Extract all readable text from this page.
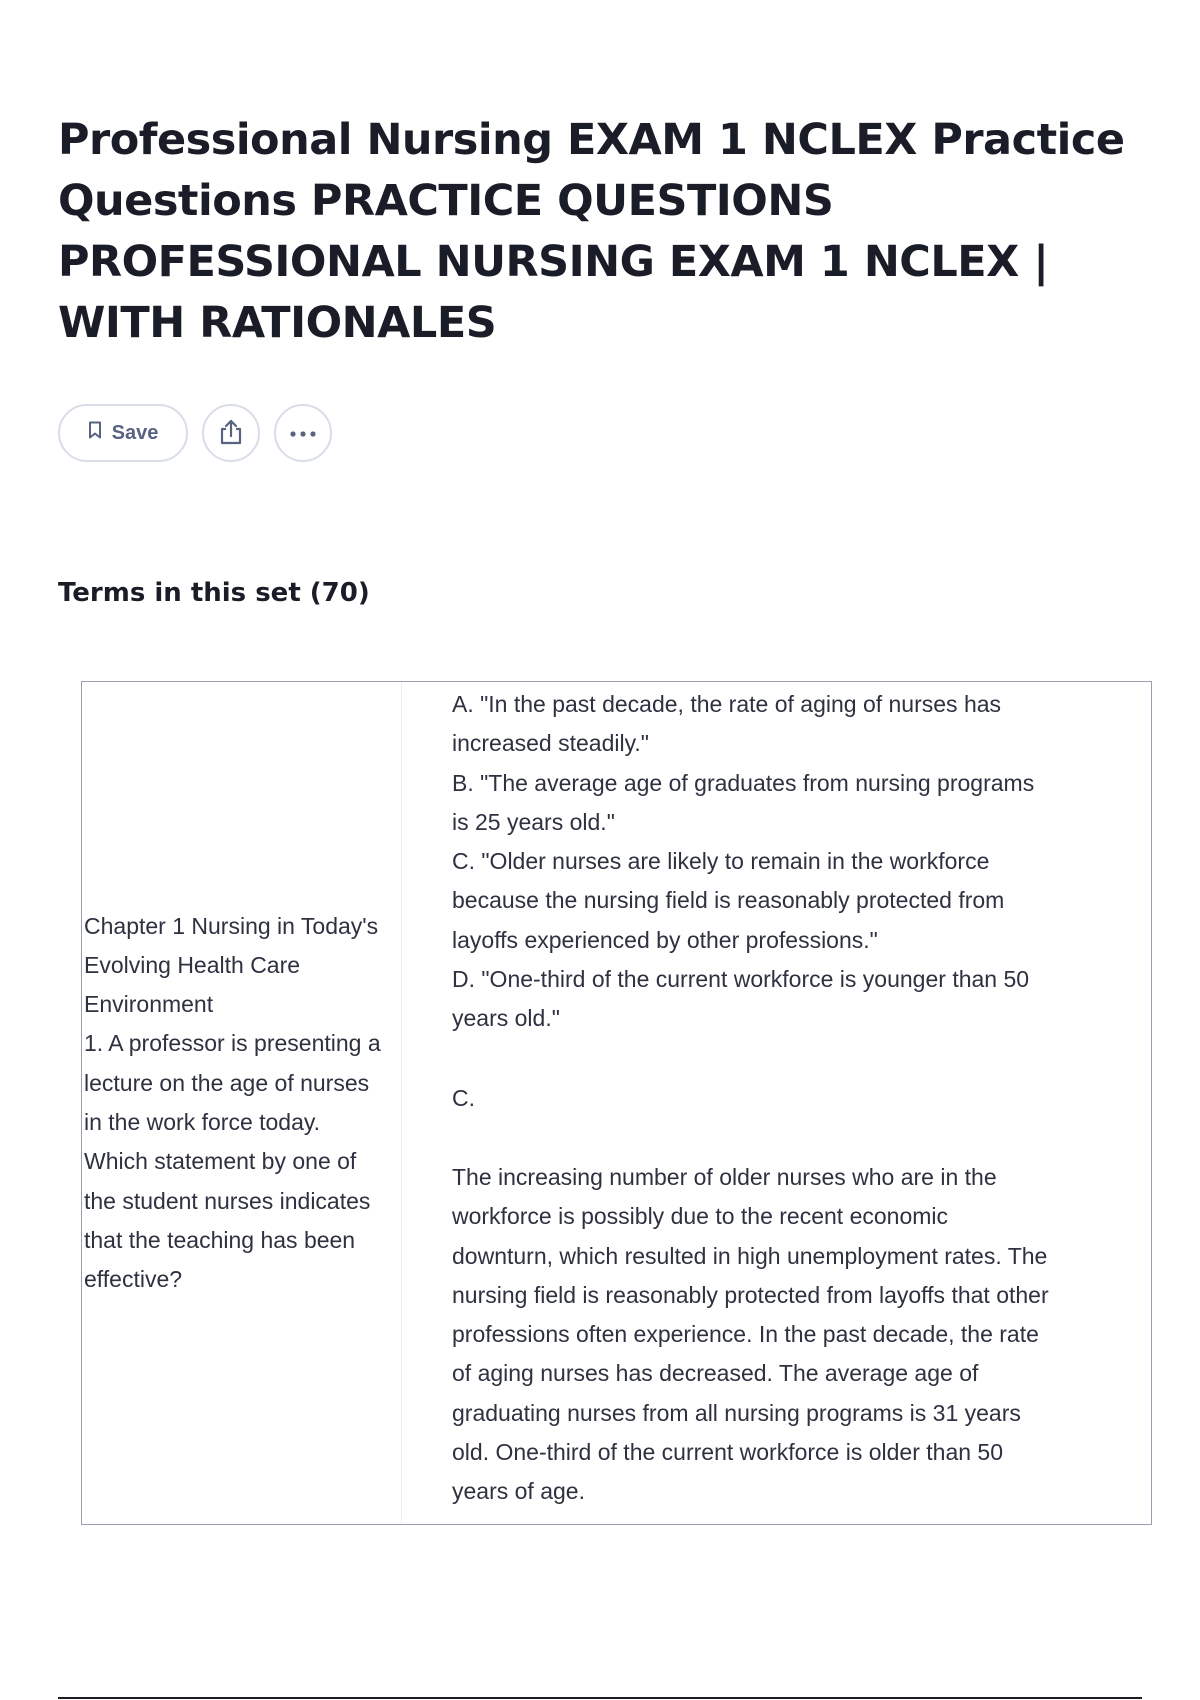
Professional Nursing EXAM 1 NCLEX Practice Questions PRACTICE QUESTIONS PROFESSIONAL NURSING EXAM 1 NCLEX | WITH RATIONALES
Save
Terms in this set (70)

Chapter 1 Nursing in Today's Evolving Health Care Environment
1. A professor is presenting a lecture on the age of nurses in the work force today. Which statement by one of the student nurses indicates that the teaching has been effective?

A. "In the past decade, the rate of aging of nurses has increased steadily."
B. "The average age of graduates from nursing programs is 25 years old."
C. "Older nurses are likely to remain in the workforce because the nursing field is reasonably protected from layoffs experienced by other professions."
D. "One-third of the current workforce is younger than 50 years old."
C.
The increasing number of older nurses who are in the workforce is possibly due to the recent economic downturn, which resulted in high unemployment rates. The nursing field is reasonably protected from layoffs that other professions often experience. In the past decade, the rate of aging nurses has decreased. The average age of graduating nurses from all nursing programs is 31 years old. One-third of the current workforce is older than 50 years of age.
